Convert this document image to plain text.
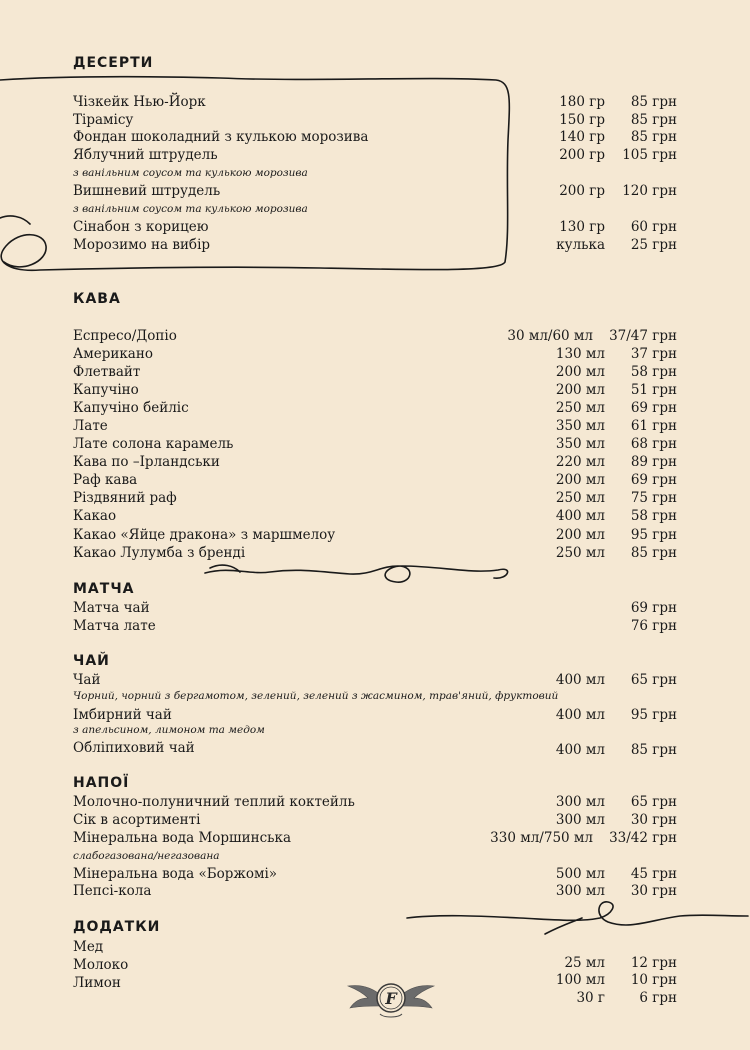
ДЕСЕРТИ
Чізкейк Нью-Йорк	180 гр 85 грн
Тірамісу	150 гр 85 грн
Фондан шоколадний з кулькою морозива	140 гр 85 грн
Яблучний штрудель	200 гр 105 грн
з ванільним соусом та кулькою морозива
Вишневий штрудель	200 гр 120 грн
з ванільним соусом та кулькою морозива
Сінабон з корицею	130 гр 60 грн
Морозимо на вибір	кулька 25 грн
КАВА
Еспресо/Допіо	30 мл/60 мл 37/47 грн
Американо	130 мл 37 грн
Флетвайт	200 мл 58 грн
Капучіно	200 мл 51 грн
Капучіно бейліс	250 мл 69 грн
Лате	350 мл 61 грн
Лате солона карамель	350 мл 68 грн
Кава по –Ірландськи	220 мл 89 грн
Раф кава	200 мл 69 грн
Різдвяний раф	250 мл 75 грн
Какао	400 мл 58 грн
Какао «Яйце дракона» з маршмелоу	200 мл 95 грн
Какао Лулумба з бренді	250 мл 85 грн
МАТЧА
Матча чай	69 грн
Матча латe	76 грн
ЧАЙ
Чай	400 мл 65 грн
Чорний, чорний з бергамотом, зелений, зелений з жасмином, трав'яний, фруктовий
Імбирний чай	400 мл 95 грн
з апельсином, лимоном та медом
Обліпиховий чай	400 мл 85 грн
НАПОЇ
Молочно-полуничний теплий коктейль	300 мл 65 грн
Сік в асортименті	300 мл 30 грн
Мінеральна вода Моршинська	330 мл/750 мл 33/42 грн
слабогазована/негазована
Мінеральна вода «Боржомі»	500 мл 45 грн
Пепсі-кола	300 мл 30 грн
ДОДАТКИ
Мед
Молоко	25 мл 12 грн
Лимон	100 мл 10 грн
30 г	6 грн
F
